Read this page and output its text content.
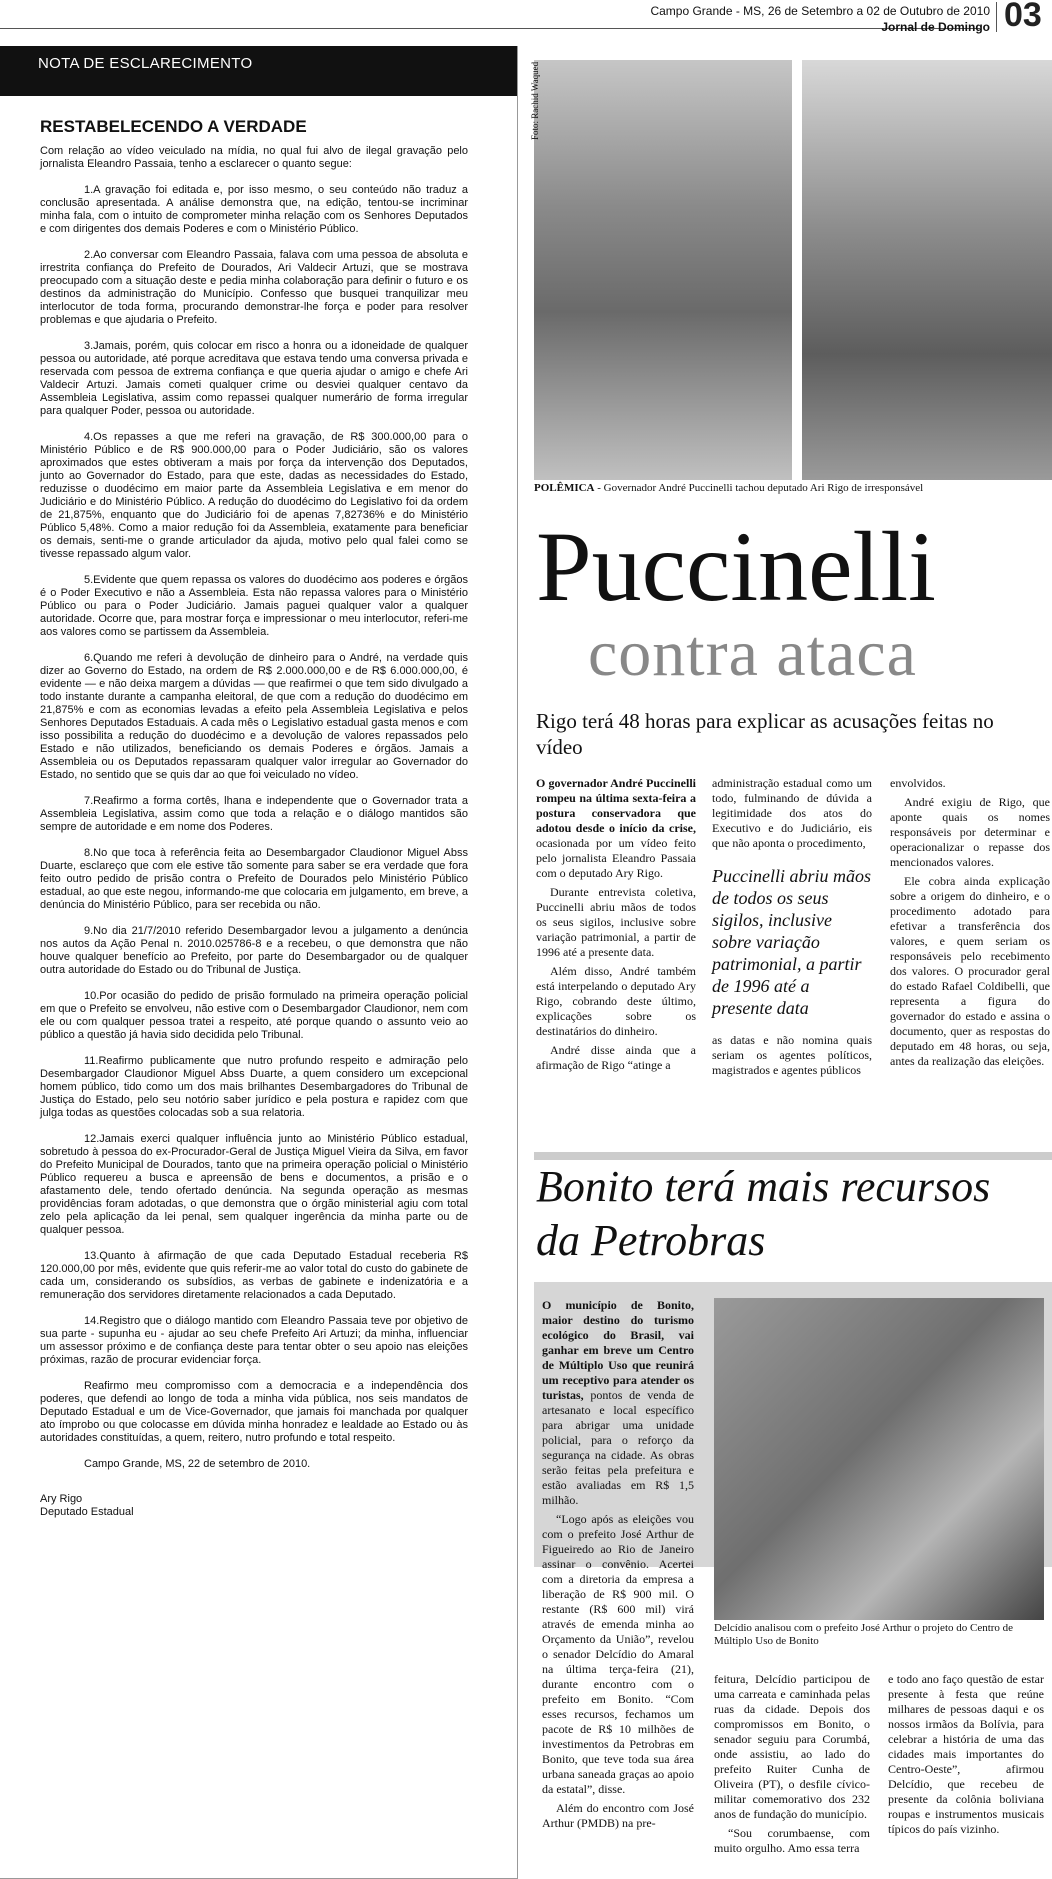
Campo Grande - MS, 26 de Setembro a 02 de Outubro de 2010
Jornal de Domingo 03
NOTA DE ESCLARECIMENTO
RESTABELECENDO A VERDADE

Com relação ao vídeo veiculado na mídia, no qual fui alvo de ilegal gravação pelo jornalista Eleandro Passaia, tenho a esclarecer o quanto segue:

1.A gravação foi editada e, por isso mesmo, o seu conteúdo não traduz a conclusão apresentada. A análise demonstra que, na edição, tentou-se incriminar minha fala, com o intuito de comprometer minha relação com os Senhores Deputados e com dirigentes dos demais Poderes e com o Ministério Público.

2.Ao conversar com Eleandro Passaia, falava com uma pessoa de absoluta e irrestrita confiança do Prefeito de Dourados, Ari Valdecir Artuzi, que se mostrava preocupado com a situação deste e pedia minha colaboração para definir o futuro e os destinos da administração do Município. Confesso que busquei tranquilizar meu interlocutor de toda forma, procurando demonstrar-lhe força e poder para resolver problemas e que ajudaria o Prefeito.

3.Jamais, porém, quis colocar em risco a honra ou a idoneidade de qualquer pessoa ou autoridade, até porque acreditava que estava tendo uma conversa privada e reservada com pessoa de extrema confiança e que queria ajudar o amigo e chefe Ari Valdecir Artuzi. Jamais cometi qualquer crime ou desviei qualquer centavo da Assembleia Legislativa, assim como repassei qualquer numerário de forma irregular para qualquer Poder, pessoa ou autoridade.

4.Os repasses a que me referi na gravação, de R$ 300.000,00 para o Ministério Público e de R$ 900.000,00 para o Poder Judiciário, são os valores aproximados que estes obtiveram a mais por força da intervenção dos Deputados, junto ao Governador do Estado, para que este, dadas as necessidades do Estado, reduzisse o duodécimo em maior parte da Assembleia Legislativa e em menor do Judiciário e do Ministério Público. A redução do duodécimo do Legislativo foi da ordem de 21,875%, enquanto que do Judiciário foi de apenas 7,82736% e do Ministério Público 5,48%. Como a maior redução foi da Assembleia, exatamente para beneficiar os demais, senti-me o grande articulador da ajuda, motivo pelo qual falei como se tivesse repassado algum valor.

5.Evidente que quem repassa os valores do duodécimo aos poderes e órgãos é o Poder Executivo e não a Assembleia. Esta não repassa valores para o Ministério Público ou para o Poder Judiciário. Jamais paguei qualquer valor a qualquer autoridade. Ocorre que, para mostrar força e impressionar o meu interlocutor, referi-me aos valores como se partissem da Assembleia.

6.Quando me referi à devolução de dinheiro para o André, na verdade quis dizer ao Governo do Estado, na ordem de R$ 2.000.000,00 e de R$ 6.000.000,00, é evidente — e não deixa margem a dúvidas — que reafirmei o que tem sido divulgado a todo instante durante a campanha eleitoral, de que com a redução do duodécimo em 21,875% e com as economias levadas a efeito pela Assembleia Legislativa e pelos Senhores Deputados Estaduais. A cada mês o Legislativo estadual gasta menos e com isso possibilita a redução do duodécimo e a devolução de valores repassados pelo Estado e não utilizados, beneficiando os demais Poderes e órgãos. Jamais a Assembleia ou os Deputados repassaram qualquer valor irregular ao Governador do Estado, no sentido que se quis dar ao que foi veiculado no vídeo.

7.Reafirmo a forma cortês, lhana e independente que o Governador trata a Assembleia Legislativa, assim como que toda a relação e o diálogo mantidos são sempre de autoridade e em nome dos Poderes.

8.No que toca à referência feita ao Desembargador Claudionor Miguel Abss Duarte, esclareço que com ele estive tão somente para saber se era verdade que fora feito outro pedido de prisão contra o Prefeito de Dourados pelo Ministério Público estadual, ao que este negou, informando-me que colocaria em julgamento, em breve, a denúncia do Ministério Público, para ser recebida ou não.

9.No dia 21/7/2010 referido Desembargador levou a julgamento a denúncia nos autos da Ação Penal n. 2010.025786-8 e a recebeu, o que demonstra que não houve qualquer benefício ao Prefeito, por parte do Desembargador ou de qualquer outra autoridade do Estado ou do Tribunal de Justiça.

10.Por ocasião do pedido de prisão formulado na primeira operação policial em que o Prefeito se envolveu, não estive com o Desembargador Claudionor, nem com ele ou com qualquer pessoa tratei a respeito, até porque quando o assunto veio ao público a questão já havia sido decidida pelo Tribunal.

11.Reafirmo publicamente que nutro profundo respeito e admiração pelo Desembargador Claudionor Miguel Abss Duarte, a quem considero um excepcional homem público, tido como um dos mais brilhantes Desembargadores do Tribunal de Justiça do Estado, pelo seu notório saber jurídico e pela postura e rapidez com que julga todas as questões colocadas sob a sua relatoria.

12.Jamais exerci qualquer influência junto ao Ministério Público estadual, sobretudo à pessoa do ex-Procurador-Geral de Justiça Miguel Vieira da Silva, em favor do Prefeito Municipal de Dourados, tanto que na primeira operação policial o Ministério Público requereu a busca e apreensão de bens e documentos, a prisão e o afastamento dele, tendo ofertado denúncia. Na segunda operação as mesmas providências foram adotadas, o que demonstra que o órgão ministerial agiu com total zelo pela aplicação da lei penal, sem qualquer ingerência da minha parte ou de qualquer pessoa.

13.Quanto à afirmação de que cada Deputado Estadual receberia R$ 120.000,00 por mês, evidente que quis referir-me ao valor total do custo do gabinete de cada um, considerando os subsídios, as verbas de gabinete e indenizatória e a remuneração dos servidores diretamente relacionados a cada Deputado.

14.Registro que o diálogo mantido com Eleandro Passaia teve por objetivo de sua parte - supunha eu - ajudar ao seu chefe Prefeito Ari Artuzi; da minha, influenciar um assessor próximo e de confiança deste para tentar obter o seu apoio nas eleições próximas, razão de procurar evidenciar força.

Reafirmo meu compromisso com a democracia e a independência dos poderes, que defendi ao longo de toda a minha vida pública, nos seis mandatos de Deputado Estadual e um de Vice-Governador, que jamais foi manchada por qualquer ato ímprobo ou que colocasse em dúvida minha honradez e lealdade ao Estado ou às autoridades constituídas, a quem, reitero, nutro profundo e total respeito.

Campo Grande, MS, 22 de setembro de 2010.

Ary Rigo
Deputado Estadual
Foto: Rachid Waqued
POLÊMICA - Governador André Puccinelli tachou deputado Ari Rigo de irresponsável
Puccinelli
contra ataca
Rigo terá 48 horas para explicar as acusações feitas no vídeo

O governador André Puccinelli rompeu na última sexta-feira a postura conservadora que adotou desde o início da crise, ocasionada por um vídeo feito pelo jornalista Eleandro Passaia com o deputado Ary Rigo.

Durante entrevista coletiva, Puccinelli abriu mãos de todos os seus sigilos, inclusive sobre variação patrimonial, a partir de 1996 até a presente data.

Além disso, André também está interpelando o deputado Ary Rigo, cobrando deste último, explicações sobre os destinatários do dinheiro.

André disse ainda que a afirmação de Rigo “atinge a

administração estadual como um todo, fulminando de dúvida a legitimidade dos atos do Executivo e do Judiciário, eis que não aponta o procedimento,

Puccinelli abriu mãos de todos os seus sigilos, inclusive sobre variação patrimonial, a partir de 1996 até a presente data

as datas e não nomina quais seriam os agentes políticos, magistrados e agentes públicos

envolvidos.

André exigiu de Rigo, que aponte quais os nomes responsáveis por determinar e operacionalizar o repasse dos mencionados valores.

Ele cobra ainda explicação sobre a origem do dinheiro, e o procedimento adotado para efetivar a transferência dos valores, e quem seriam os responsáveis pelo recebimento dos valores. O procurador geral do estado Rafael Coldibelli, que representa a figura do governador do estado e assina o documento, quer as respostas do deputado em 48 horas, ou seja, antes da realização das eleições.

Bonito terá mais recursos da Petrobras

O município de Bonito, maior destino do turismo ecológico do Brasil, vai ganhar em breve um Centro de Múltiplo Uso que reunirá um receptivo para atender os turistas, pontos de venda de artesanato e local específico para abrigar uma unidade policial, para o reforço da segurança na cidade. As obras serão feitas pela prefeitura e estão avaliadas em R$ 1,5 milhão.

“Logo após as eleições vou com o prefeito José Arthur de Figueiredo ao Rio de Janeiro assinar o convênio. Acertei com a diretoria da empresa a liberação de R$ 900 mil. O restante (R$ 600 mil) virá através de emenda minha ao Orçamento da União”, revelou o senador Delcídio do Amaral na última terça-feira (21), durante encontro com o prefeito em Bonito. “Com esses recursos, fechamos um pacote de R$ 10 milhões de investimentos da Petrobras em Bonito, que teve toda sua área urbana saneada graças ao apoio da estatal”, disse.

Além do encontro com José Arthur (PMDB) na pre-

Delcídio analisou com o prefeito José Arthur o projeto do Centro de Múltiplo Uso de Bonito

feitura, Delcídio participou de uma carreata e caminhada pelas ruas da cidade. Depois dos compromissos em Bonito, o senador seguiu para Corumbá, onde assistiu, ao lado do prefeito Ruiter Cunha de Oliveira (PT), o desfile cívico-militar comemorativo dos 232 anos de fundação do município.

“Sou corumbaense, com muito orgulho. Amo essa terra

e todo ano faço questão de estar presente à festa que reúne milhares de pessoas daqui e os nossos irmãos da Bolívia, para celebrar a história de uma das cidades mais importantes do Centro-Oeste”, afirmou Delcídio, que recebeu de presente da colônia boliviana roupas e instrumentos musicais típicos do país vizinho.
